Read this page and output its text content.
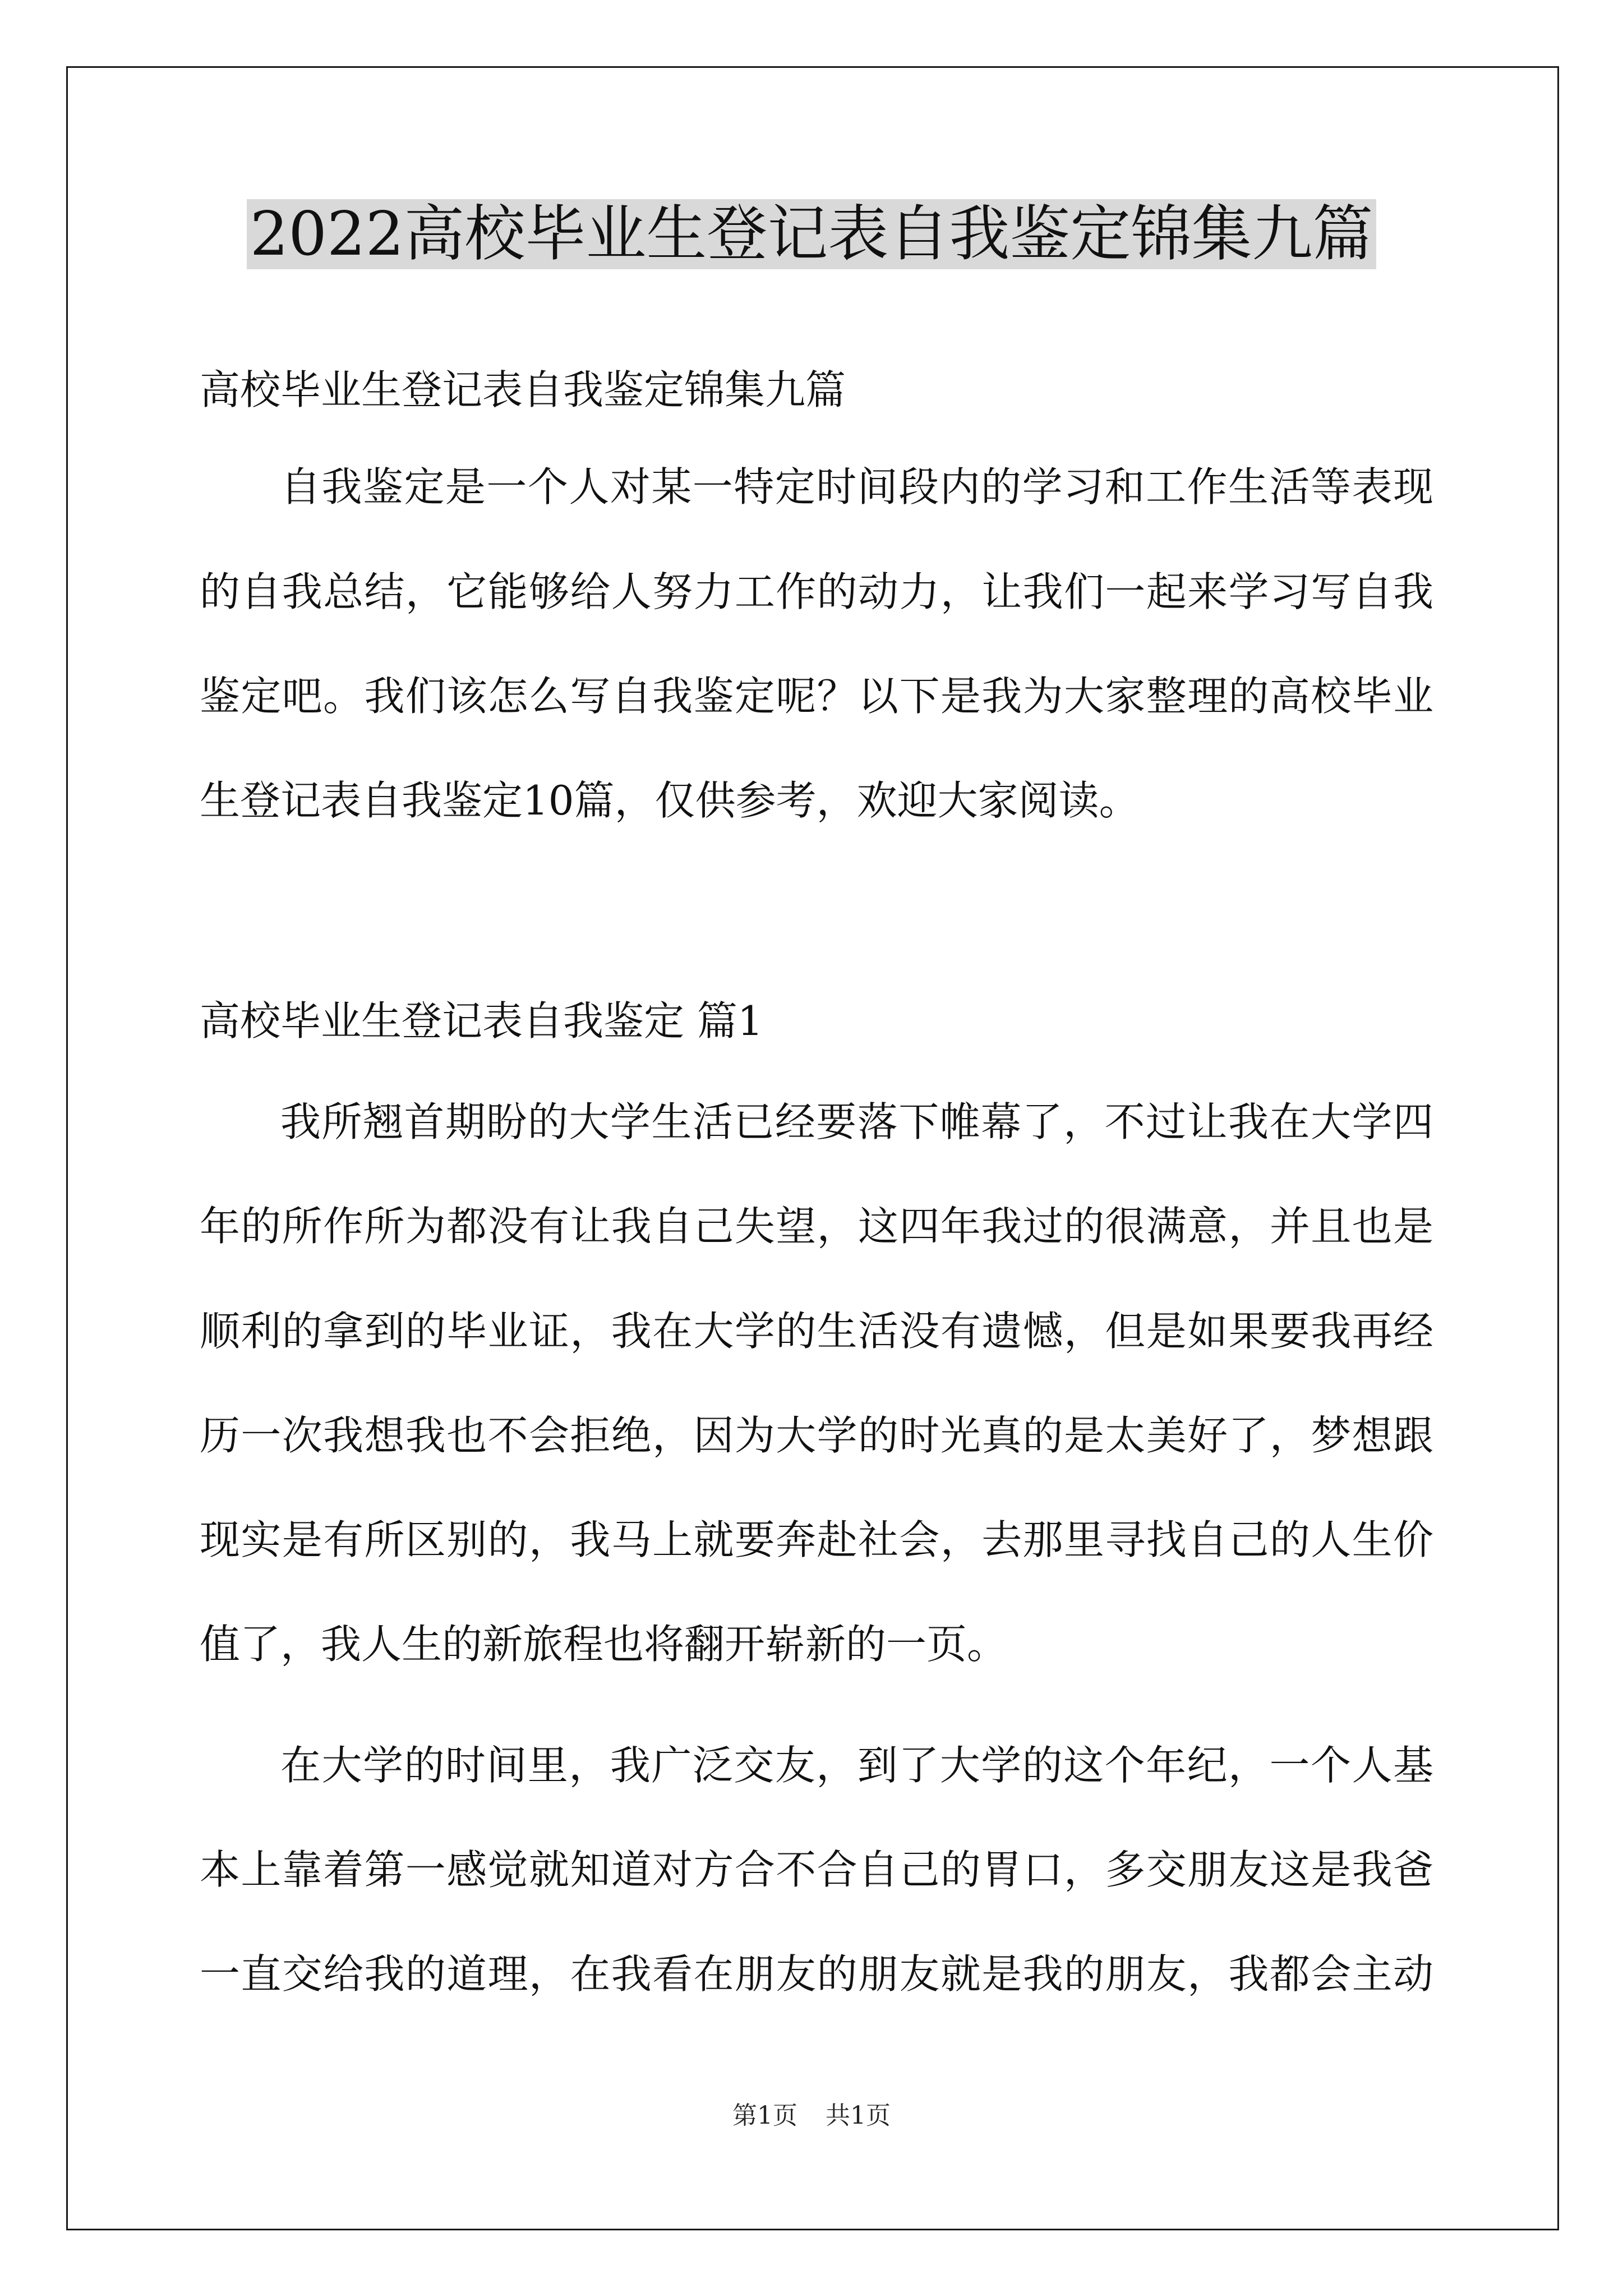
2022高校毕业生登记表自我鉴定锦集九篇
高校毕业生登记表自我鉴定锦集九篇
自我鉴定是一个人对某一特定时间段内的学习和工作生活等表现
的自我总结，它能够给人努力工作的动力，让我们一起来学习写自我
鉴定吧。我们该怎么写自我鉴定呢？以下是我为大家整理的高校毕业
生登记表自我鉴定10篇，仅供参考，欢迎大家阅读。
高校毕业生登记表自我鉴定 篇1
我所翘首期盼的大学生活已经要落下帷幕了，不过让我在大学四
年的所作所为都没有让我自己失望，这四年我过的很满意，并且也是
顺利的拿到的毕业证，我在大学的生活没有遗憾，但是如果要我再经
历一次我想我也不会拒绝，因为大学的时光真的是太美好了，梦想跟
现实是有所区别的，我马上就要奔赴社会，去那里寻找自己的人生价
值了，我人生的新旅程也将翻开崭新的一页。
在大学的时间里，我广泛交友，到了大学的这个年纪，一个人基
本上靠着第一感觉就知道对方合不合自己的胃口，多交朋友这是我爸
一直交给我的道理，在我看在朋友的朋友就是我的朋友，我都会主动
第1页 共1页
